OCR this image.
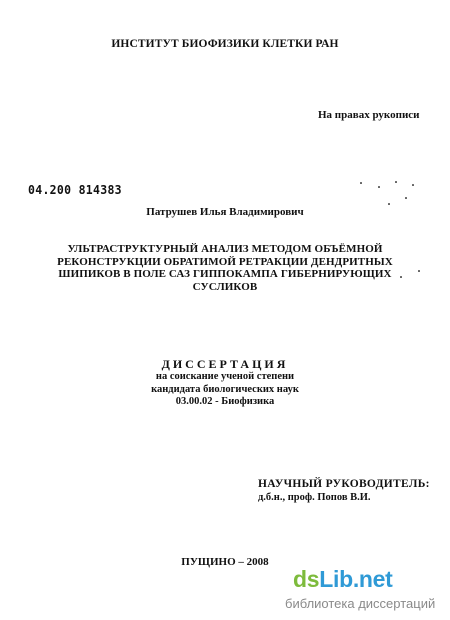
ИНСТИТУТ БИОФИЗИКИ КЛЕТКИ РАН
На правах рукописи
04.200 814383
Патрушев Илья Владимирович
УЛЬТРАСТРУКТУРНЫЙ АНАЛИЗ МЕТОДОМ ОБЪЁМНОЙ
РЕКОНСТРУКЦИИ ОБРАТИМОЙ РЕТРАКЦИИ ДЕНДРИТНЫХ
ШИПИКОВ В ПОЛЕ САЗ ГИППОКАМПА ГИБЕРНИРУЮЩИХ
СУСЛИКОВ
ДИССЕРТАЦИЯ
на соискание ученой степени
кандидата биологических наук
03.00.02 - Биофизика
НАУЧНЫЙ РУКОВОДИТЕЛЬ:
д.б.н., проф. Попов В.И.
ПУЩИНО – 2008
dsLib.net
библиотека диссертаций
